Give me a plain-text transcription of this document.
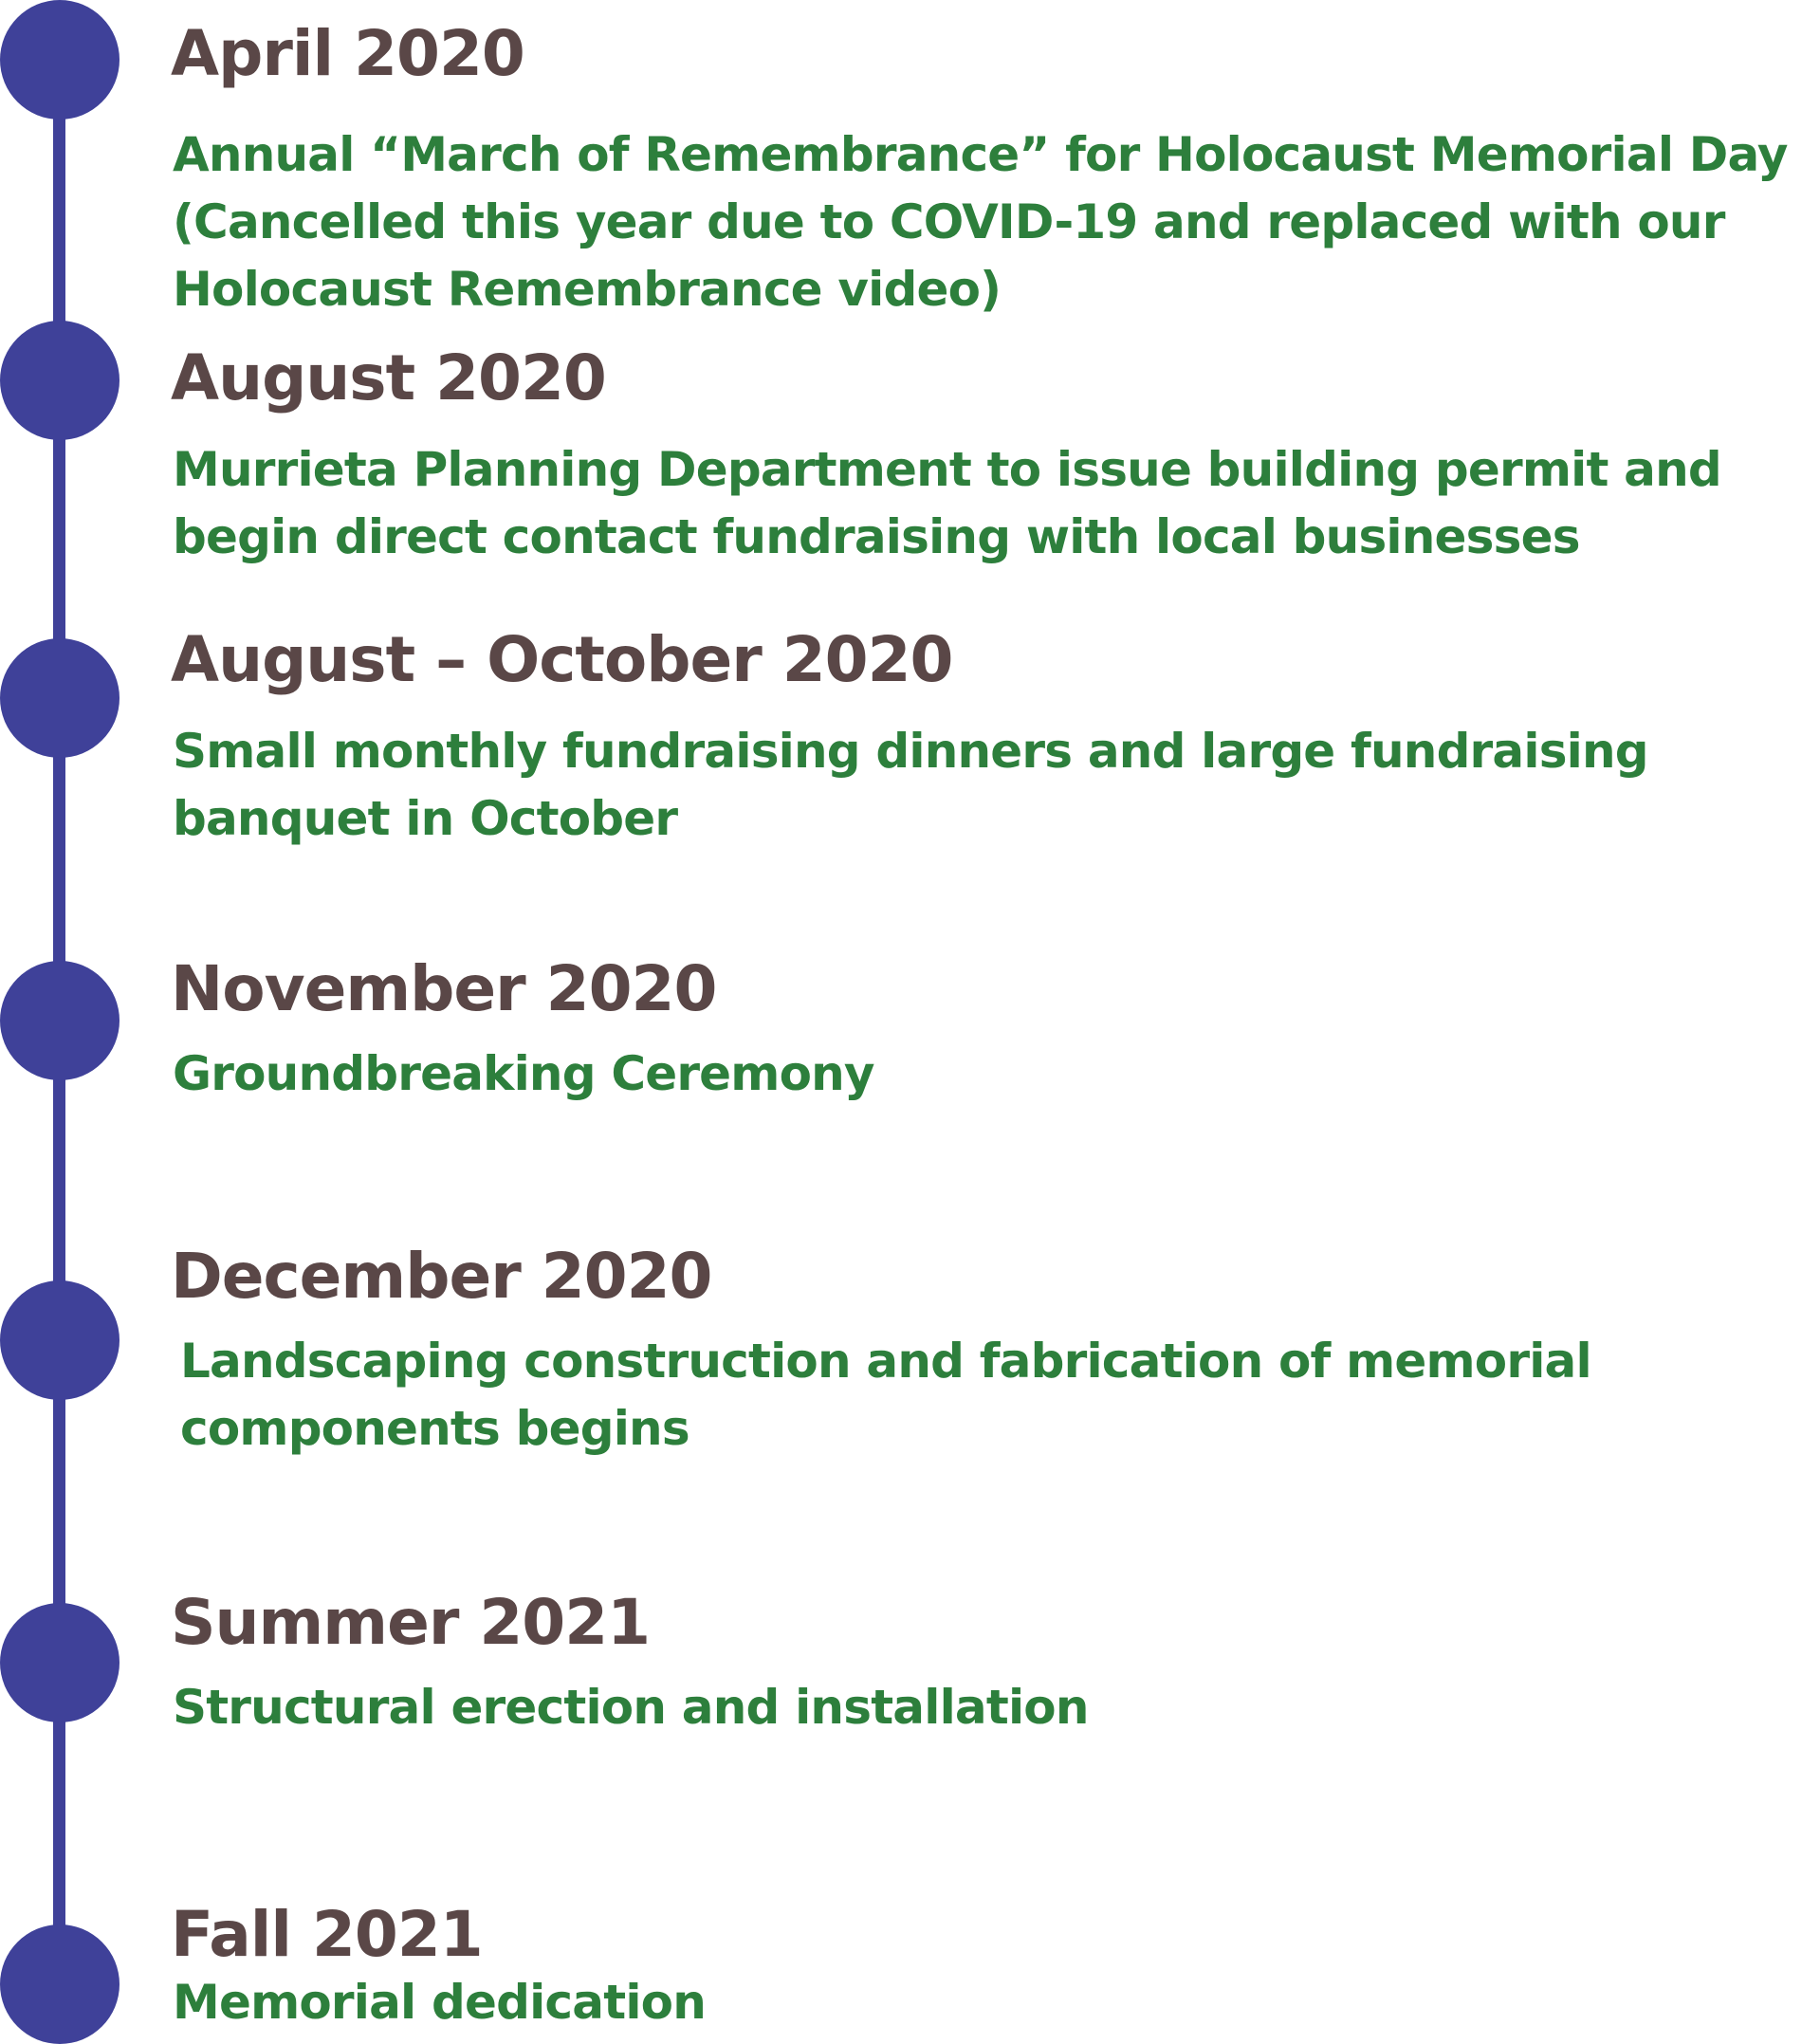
April 2020
Annual “March of Remembrance” for Holocaust Memorial Day
(Cancelled this year due to COVID-19 and replaced with our
Holocaust Remembrance video)
August 2020
Murrieta Planning Department to issue building permit and
begin direct contact fundraising with local businesses
August – October 2020
Small monthly fundraising dinners and large fundraising
banquet in October
November 2020
Groundbreaking Ceremony
December 2020
Landscaping construction and fabrication of memorial
components begins
Summer 2021
Structural erection and installation
Fall 2021
Memorial dedication
